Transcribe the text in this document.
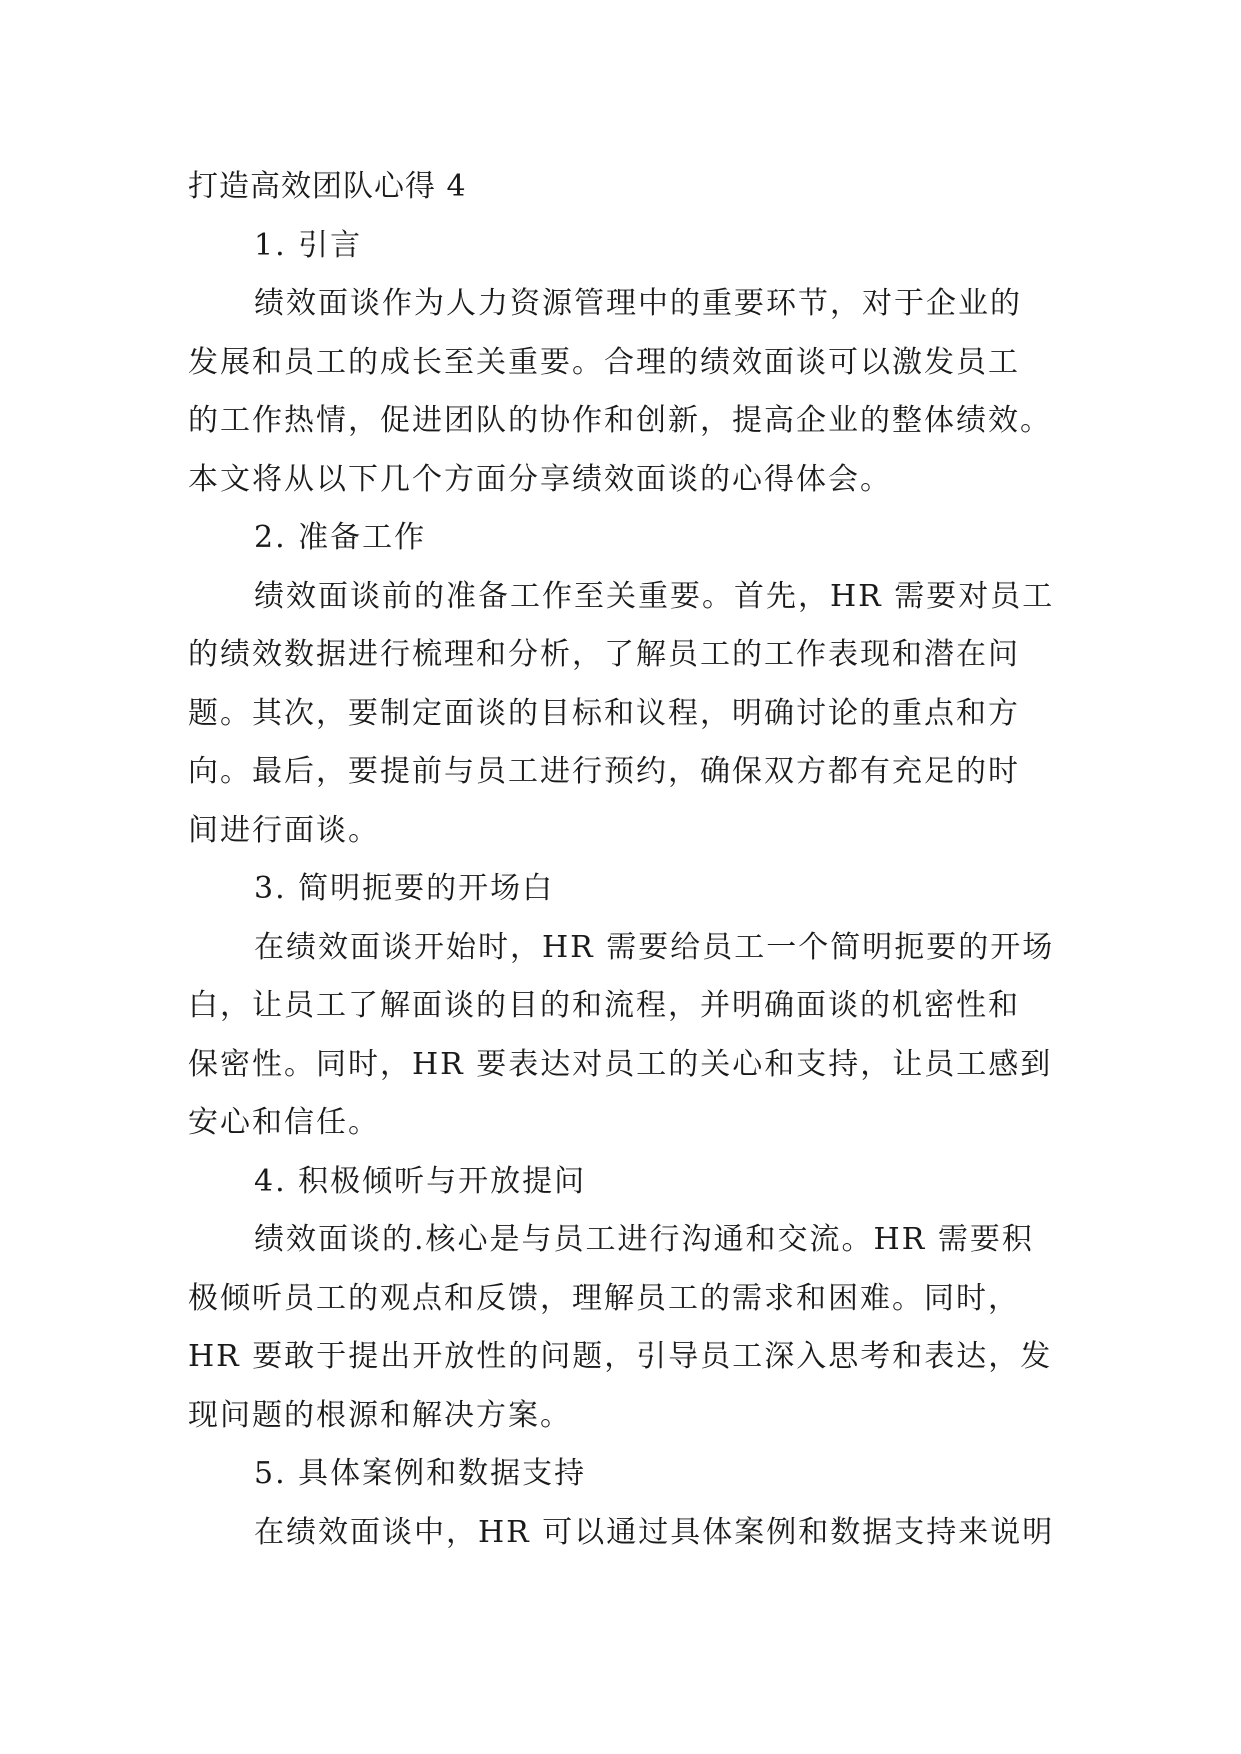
打造高效团队心得 4
1. 引言
绩效面谈作为人力资源管理中的重要环节，对于企业的
发展和员工的成长至关重要。合理的绩效面谈可以激发员工
的工作热情，促进团队的协作和创新，提高企业的整体绩效。
本文将从以下几个方面分享绩效面谈的心得体会。
2. 准备工作
绩效面谈前的准备工作至关重要。首先，HR 需要对员工
的绩效数据进行梳理和分析，了解员工的工作表现和潜在问
题。其次，要制定面谈的目标和议程，明确讨论的重点和方
向。最后，要提前与员工进行预约，确保双方都有充足的时
间进行面谈。
3. 简明扼要的开场白
在绩效面谈开始时，HR 需要给员工一个简明扼要的开场
白，让员工了解面谈的目的和流程，并明确面谈的机密性和
保密性。同时，HR 要表达对员工的关心和支持，让员工感到
安心和信任。
4. 积极倾听与开放提问
绩效面谈的.核心是与员工进行沟通和交流。HR 需要积
极倾听员工的观点和反馈，理解员工的需求和困难。同时，
HR 要敢于提出开放性的问题，引导员工深入思考和表达，发
现问题的根源和解决方案。
5. 具体案例和数据支持
在绩效面谈中，HR 可以通过具体案例和数据支持来说明
